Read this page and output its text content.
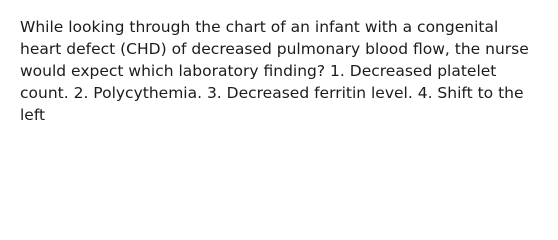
While looking through the chart of an infant with a congenital heart defect (CHD) of decreased pulmonary blood flow, the nurse would expect which laboratory finding? 1. Decreased platelet count. 2. Polycythemia. 3. Decreased ferritin level. 4. Shift to the left
